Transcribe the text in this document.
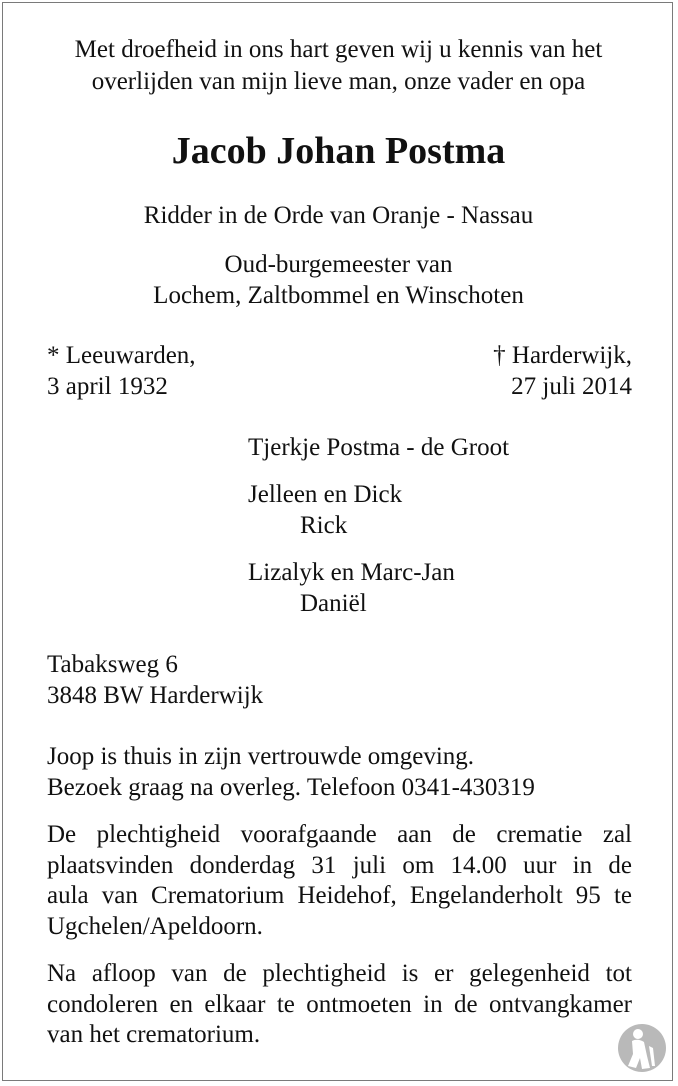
Met droefheid in ons hart geven wij u kennis van het
overlijden van mijn lieve man, onze vader en opa
Jacob Johan Postma
Ridder in de Orde van Oranje - Nassau
Oud-burgemeester van
Lochem, Zaltbommel en Winschoten
* Leeuwarden,
3 april 1932
† Harderwijk,
27 juli 2014
Tjerkje Postma - de Groot
Jelleen en Dick
Rick
Lizalyk en Marc-Jan
Daniël
Tabaksweg 6
3848 BW Harderwijk
Joop is thuis in zijn vertrouwde omgeving.
Bezoek graag na overleg. Telefoon 0341-430319
De plechtigheid voorafgaande aan de crematie zal
plaatsvinden donderdag 31 juli om 14.00 uur in de
aula van Crematorium Heidehof, Engelanderholt 95 te
Ugchelen/Apeldoorn.
Na afloop van de plechtigheid is er gelegenheid tot
condoleren en elkaar te ontmoeten in de ontvangkamer
van het crematorium.
